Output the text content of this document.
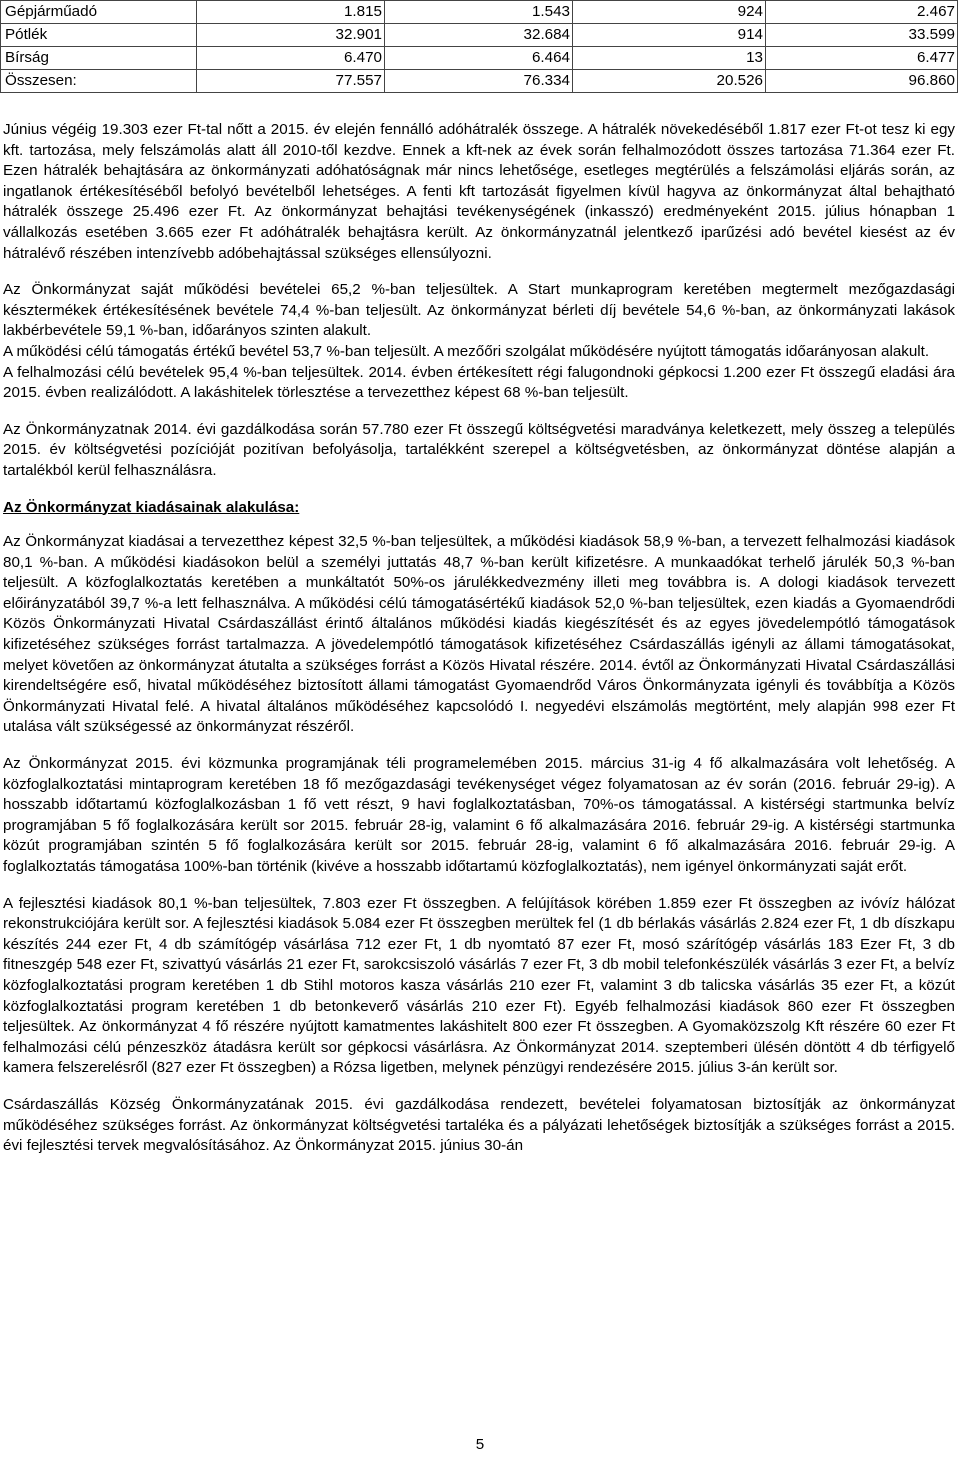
Gépjárműadó	1.815	1.543	924	2.467
Pótlék	32.901	32.684	914	33.599
Bírság	6.470	6.464	13	6.477
Összesen:	77.557	76.334	20.526	96.860

Június végéig 19.303 ezer Ft-tal nőtt a 2015. év elején fennálló adóhátralék összege. A hátralék növekedéséből 1.817 ezer Ft-ot tesz ki egy kft. tartozása, mely felszámolás alatt áll 2010-től kezdve. Ennek a kft-nek az évek során felhalmozódott összes tartozása 71.364 ezer Ft. Ezen hátralék behajtására az önkormányzati adóhatóságnak már nincs lehetősége, esetleges megtérülés a felszámolási eljárás során, az ingatlanok értékesítéséből befolyó bevételből lehetséges. A fenti kft tartozását figyelmen kívül hagyva az önkormányzat által behajtható hátralék összege 25.496 ezer Ft. Az önkormányzat behajtási tevékenységének (inkasszó) eredményeként 2015. július hónapban 1 vállalkozás esetében 3.665 ezer Ft adóhátralék behajtásra került. Az önkormányzatnál jelentkező iparűzési adó bevétel kiesést az év hátralévő részében intenzívebb adóbehajtással szükséges ellensúlyozni.

Az Önkormányzat saját működési bevételei 65,2 %-ban teljesültek. A Start munkaprogram keretében megtermelt mezőgazdasági késztermékek értékesítésének bevétele 74,4 %-ban teljesült. Az önkormányzat bérleti díj bevétele 54,6 %-ban, az önkormányzati lakások lakbérbevétele 59,1 %-ban, időarányos szinten alakult.

A működési célú támogatás értékű bevétel 53,7 %-ban teljesült. A mezőőri szolgálat működésére nyújtott támogatás időarányosan alakult.

A felhalmozási célú bevételek 95,4 %-ban teljesültek. 2014. évben értékesített régi falugondnoki gépkocsi 1.200 ezer Ft összegű eladási ára 2015. évben realizálódott. A lakáshitelek törlesztése a tervezetthez képest 68 %-ban teljesült.

Az Önkormányzatnak 2014. évi gazdálkodása során 57.780 ezer Ft összegű költségvetési maradványa keletkezett, mely összeg a település 2015. év költségvetési pozícióját pozitívan befolyásolja, tartalékként szerepel a költségvetésben, az önkormányzat döntése alapján a tartalékból kerül felhasználásra.

Az Önkormányzat kiadásainak alakulása:

Az Önkormányzat kiadásai a tervezetthez képest 32,5 %-ban teljesültek, a működési kiadások 58,9 %-ban, a tervezett felhalmozási kiadások 80,1 %-ban. A működési kiadásokon belül a személyi juttatás 48,7 %-ban került kifizetésre. A munkaadókat terhelő járulék 50,3 %-ban teljesült. A közfoglalkoztatás keretében a munkáltatót 50%-os járulékkedvezmény illeti meg továbbra is. A dologi kiadások tervezett előirányzatából 39,7 %-a lett felhasználva. A működési célú támogatásértékű kiadások 52,0 %-ban teljesültek, ezen kiadás a Gyomaendrődi Közös Önkormányzati Hivatal Csárdaszállást érintő általános működési kiadás kiegészítését és az egyes jövedelempótló támogatások kifizetéséhez szükséges forrást tartalmazza. A jövedelempótló támogatások kifizetéséhez Csárdaszállás igényli az állami támogatásokat, melyet követően az önkormányzat átutalta a szükséges forrást a Közös Hivatal részére. 2014. évtől az Önkormányzati Hivatal Csárdaszállási kirendeltségére eső, hivatal működéséhez biztosított állami támogatást Gyomaendrőd Város Önkormányzata igényli és továbbítja a Közös Önkormányzati Hivatal felé. A hivatal általános működéséhez kapcsolódó I. negyedévi elszámolás megtörtént, mely alapján 998 ezer Ft utalása vált szükségessé az önkormányzat részéről.

Az Önkormányzat 2015. évi közmunka programjának téli programelemében 2015. március 31-ig 4 fő alkalmazására volt lehetőség. A közfoglalkoztatási mintaprogram keretében 18 fő mezőgazdasági tevékenységet végez folyamatosan az év során (2016. február 29-ig). A hosszabb időtartamú közfoglalkozásban 1 fő vett részt, 9 havi foglalkoztatásban, 70%-os támogatással. A kistérségi startmunka belvíz programjában 5 fő foglalkozására került sor 2015. február 28-ig, valamint 6 fő alkalmazására 2016. február 29-ig. A kistérségi startmunka közút programjában szintén 5 fő foglalkozására került sor 2015. február 28-ig, valamint 6 fő alkalmazására 2016. február 29-ig. A foglalkoztatás támogatása 100%-ban történik (kivéve a hosszabb időtartamú közfoglalkoztatás), nem igényel önkormányzati saját erőt.

A fejlesztési kiadások 80,1 %-ban teljesültek, 7.803 ezer Ft összegben. A felújítások körében 1.859 ezer Ft összegben az ivóvíz hálózat rekonstrukciójára került sor. A fejlesztési kiadások 5.084 ezer Ft összegben merültek fel (1 db bérlakás vásárlás 2.824 ezer Ft, 1 db díszkapu készítés 244 ezer Ft, 4 db számítógép vásárlása 712 ezer Ft, 1 db nyomtató 87 ezer Ft, mosó szárítógép vásárlás 183 Ezer Ft, 3 db fitneszgép 548 ezer Ft, szivattyú vásárlás 21 ezer Ft, sarokcsiszoló vásárlás 7 ezer Ft, 3 db mobil telefonkészülék vásárlás 3 ezer Ft, a belvíz közfoglalkoztatási program keretében 1 db Stihl motoros kasza vásárlás 210 ezer Ft, valamint 3 db talicska vásárlás 35 ezer Ft, a közút közfoglalkoztatási program keretében 1 db betonkeverő vásárlás 210 ezer Ft). Egyéb felhalmozási kiadások 860 ezer Ft összegben teljesültek. Az önkormányzat 4 fő részére nyújtott kamatmentes lakáshitelt 800 ezer Ft összegben. A Gyomaközszolg Kft részére 60 ezer Ft felhalmozási célú pénzeszköz átadásra került sor gépkocsi vásárlásra. Az Önkormányzat 2014. szeptemberi ülésén döntött 4 db térfigyelő kamera felszerelésről (827 ezer Ft összegben) a Rózsa ligetben, melynek pénzügyi rendezésére 2015. július 3-án került sor.

Csárdaszállás Község Önkormányzatának 2015. évi gazdálkodása rendezett, bevételei folyamatosan biztosítják az önkormányzat működéséhez szükséges forrást. Az önkormányzat költségvetési tartaléka és a pályázati lehetőségek biztosítják a szükséges forrást a 2015. évi fejlesztési tervek megvalósításához. Az Önkormányzat 2015. június 30-án

5
